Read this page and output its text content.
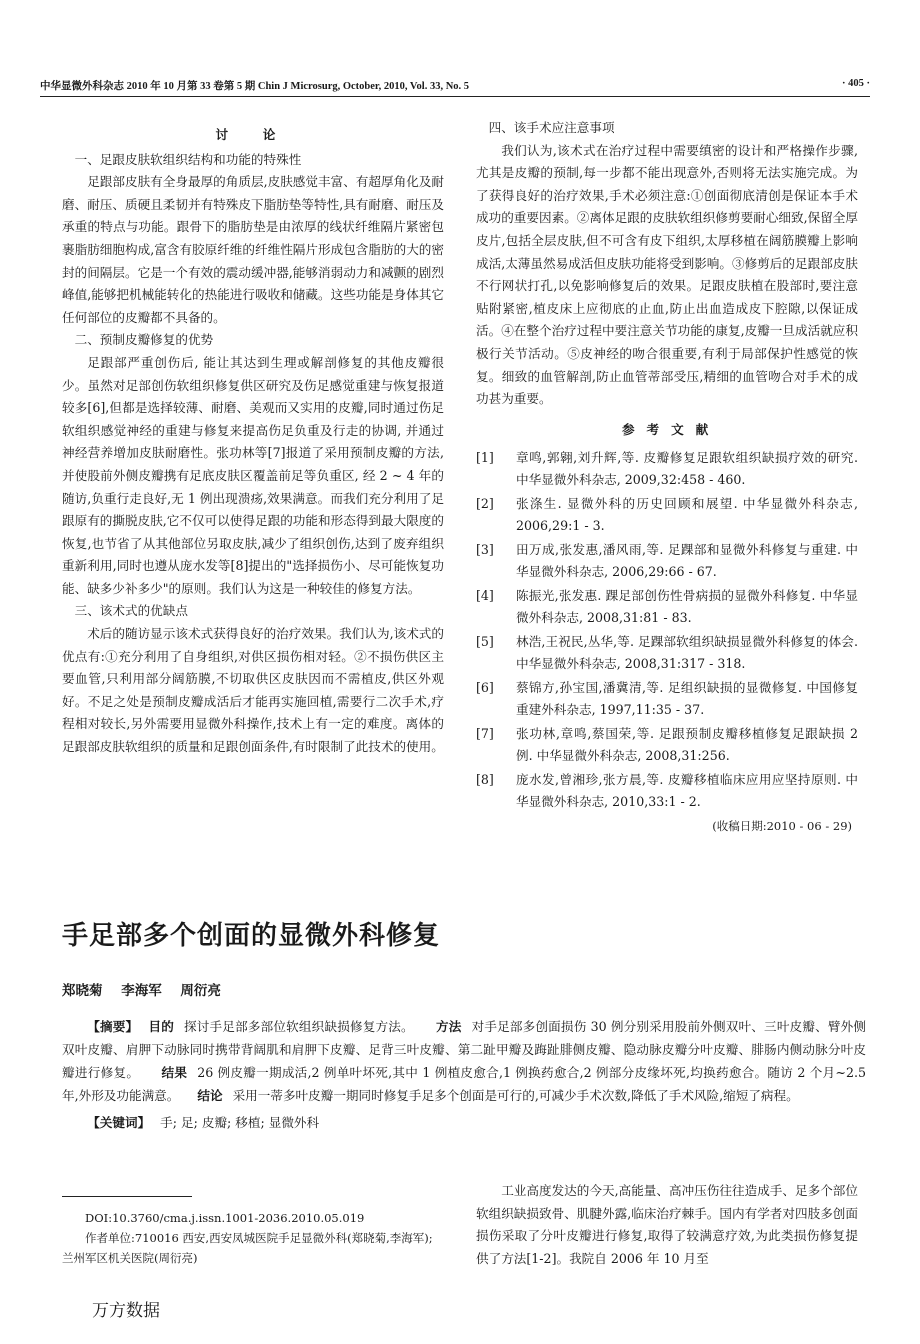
中华显微外科杂志 2010 年 10 月第 33 卷第 5 期 Chin J Microsurg, October, 2010, Vol. 33, No. 5	· 405 ·
讨 论

一、足跟皮肤软组织结构和功能的特殊性

足跟部皮肤有全身最厚的角质层,皮肤感觉丰富、有超厚角化及耐磨、耐压、质硬且柔韧并有特殊皮下脂肪垫等特性,具有耐磨、耐压及承重的特点与功能。跟骨下的脂肪垫是由浓厚的线状纤维隔片紧密包裹脂肪细胞构成,富含有胶原纤维的纤维性隔片形成包含脂肪的大的密封的间隔层。它是一个有效的震动缓冲器,能够消弱动力和减颤的剧烈峰值,能够把机械能转化的热能进行吸收和储藏。这些功能是身体其它任何部位的皮瓣都不具备的。

二、预制皮瓣修复的优势

足跟部严重创伤后, 能让其达到生理或解剖修复的其他皮瓣很少。虽然对足部创伤软组织修复供区研究及伤足感觉重建与恢复报道较多[6],但都是选择较薄、耐磨、美观而又实用的皮瓣,同时通过伤足软组织感觉神经的重建与修复来提高伤足负重及行走的协调, 并通过神经营养增加皮肤耐磨性。张功林等[7]报道了采用预制皮瓣的方法,并使股前外侧皮瓣携有足底皮肤区覆盖前足等负重区, 经 2 ~ 4 年的随访,负重行走良好,无 1 例出现溃疡,效果满意。而我们充分利用了足跟原有的撕脱皮肤,它不仅可以使得足跟的功能和形态得到最大限度的恢复,也节省了从其他部位另取皮肤,减少了组织创伤,达到了废弃组织重新利用,同时也遵从庞水发等[8]提出的"选择损伤小、尽可能恢复功能、缺多少补多少"的原则。我们认为这是一种较佳的修复方法。

三、该术式的优缺点

术后的随访显示该术式获得良好的治疗效果。我们认为,该术式的优点有:①充分利用了自身组织,对供区损伤相对轻。②不损伤供区主要血管,只利用部分阔筋膜,不切取供区皮肤因而不需植皮,供区外观好。不足之处是预制皮瓣成活后才能再实施回植,需要行二次手术,疗程相对较长,另外需要用显微外科操作,技术上有一定的难度。离体的足跟部皮肤软组织的质量和足跟创面条件,有时限制了此技术的使用。

四、该手术应注意事项

我们认为,该术式在治疗过程中需要缜密的设计和严格操作步骤,尤其是皮瓣的预制,每一步都不能出现意外,否则将无法实施完成。为了获得良好的治疗效果,手术必须注意:①创面彻底清创是保证本手术成功的重要因素。②离体足跟的皮肤软组织修剪要耐心细致,保留全厚皮片,包括全层皮肤,但不可含有皮下组织,太厚移植在阔筋膜瓣上影响成活,太薄虽然易成活但皮肤功能将受到影响。③修剪后的足跟部皮肤不行网状打孔,以免影响修复后的效果。足跟皮肤植在股部时,要注意贴附紧密,植皮床上应彻底的止血,防止出血造成皮下腔隙,以保证成活。④在整个治疗过程中要注意关节功能的康复,皮瓣一旦成活就应积极行关节活动。⑤皮神经的吻合很重要,有利于局部保护性感觉的恢复。细致的血管解剖,防止血管蒂部受压,精细的血管吻合对手术的成功甚为重要。

参 考 文 献
[1]	章鸣,郭翱,刘升辉,等. 皮瓣修复足跟软组织缺损疗效的研究. 中华显微外科杂志, 2009,32:458 - 460.
[2]	张涤生. 显微外科的历史回顾和展望. 中华显微外科杂志, 2006,29:1 - 3.
[3]	田万成,张发惠,潘风雨,等. 足踝部和显微外科修复与重建. 中华显微外科杂志, 2006,29:66 - 67.
[4]	陈振光,张发惠. 踝足部创伤性骨病损的显微外科修复. 中华显微外科杂志, 2008,31:81 - 83.
[5]	林浩,王祝民,丛华,等. 足踝部软组织缺损显微外科修复的体会. 中华显微外科杂志, 2008,31:317 - 318.
[6]	蔡锦方,孙宝国,潘冀清,等. 足组织缺损的显微修复. 中国修复重建外科杂志, 1997,11:35 - 37.
[7]	张功林,章鸣,蔡国荣,等. 足跟预制皮瓣移植修复足跟缺损 2 例. 中华显微外科杂志, 2008,31:256.
[8]	庞水发,曾湘珍,张方晨,等. 皮瓣移植临床应用应坚持原则. 中华显微外科杂志, 2010,33:1 - 2.
(收稿日期:2010 - 06 - 29)
手足部多个创面的显微外科修复
郑晓菊 李海军 周衍亮
【摘要】 目的 探讨手足部多部位软组织缺损修复方法。 方法 对手足部多创面损伤 30 例分别采用股前外侧双叶、三叶皮瓣、臂外侧双叶皮瓣、肩胛下动脉同时携带背阔肌和肩胛下皮瓣、足背三叶皮瓣、第二趾甲瓣及踇趾腓侧皮瓣、隐动脉皮瓣分叶皮瓣、腓肠内侧动脉分叶皮瓣进行修复。 结果 26 例皮瓣一期成活,2 例单叶坏死,其中 1 例植皮愈合,1 例换药愈合,2 例部分皮缘坏死,均换药愈合。随访 2 个月~2.5 年,外形及功能满意。 结论 采用一蒂多叶皮瓣一期同时修复手足多个创面是可行的,可减少手术次数,降低了手术风险,缩短了病程。
【关键词】 手; 足; 皮瓣; 移植; 显微外科
DOI:10.3760/cma.j.issn.1001-2036.2010.05.019
作者单位:710016 西安,西安凤城医院手足显微外科(郑晓菊,李海军); 兰州军区机关医院(周衍亮)

工业高度发达的今天,高能量、高冲压伤往往造成手、足多个部位软组织缺损致骨、肌腱外露,临床治疗棘手。国内有学者对四肢多创面损伤采取了分叶皮瓣进行修复,取得了较满意疗效,为此类损伤修复提供了方法[1-2]。我院自 2006 年 10 月至

万方数据
